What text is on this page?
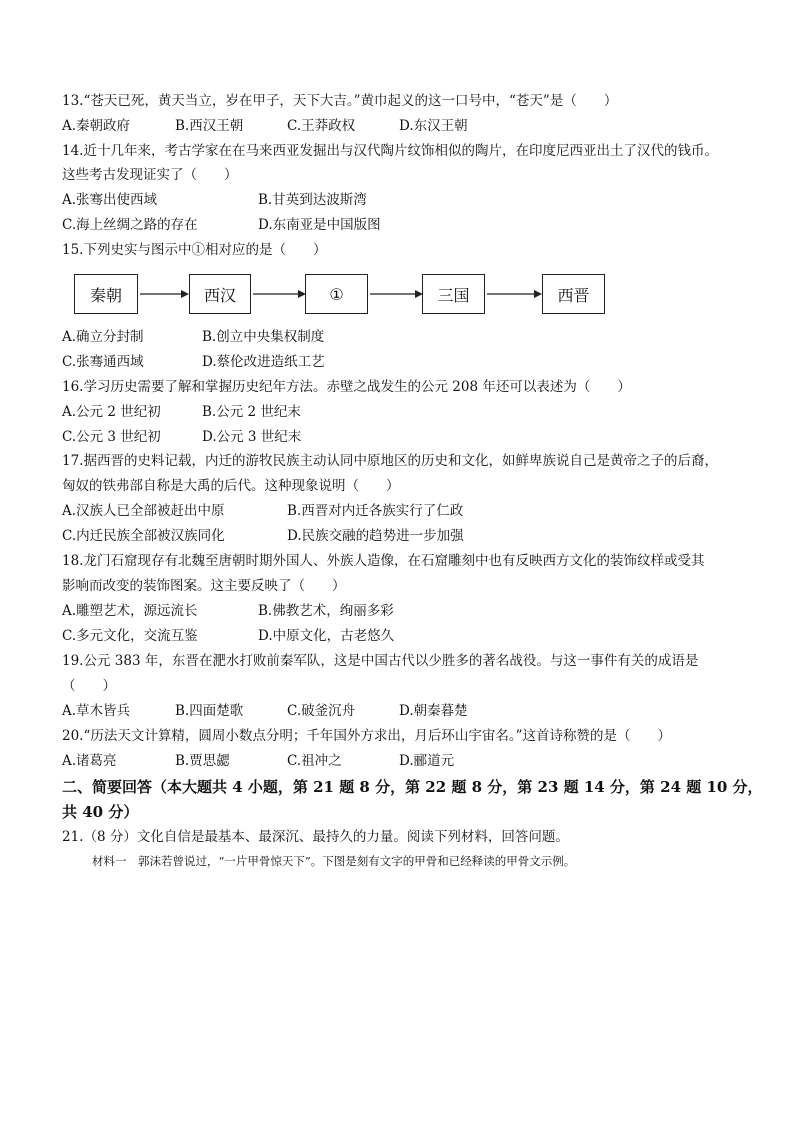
13.“苍天已死，黄天当立，岁在甲子，天下大吉。”黄巾起义的这一口号中，“苍天”是（　　）
A.秦朝政府	B.西汉王朝	C.王莽政权	D.东汉王朝
14.近十几年来，考古学家在在马来西亚发掘出与汉代陶片纹饰相似的陶片，在印度尼西亚出土了汉代的钱币。
这些考古发现证实了（　　）
A.张骞出使西域	B.甘英到达波斯湾
C.海上丝绸之路的存在	D.东南亚是中国版图
15.下列史实与图示中①相对应的是（　　）
秦朝	西汉	①	三国	西晋
A.确立分封制	B.创立中央集权制度
C.张骞通西域	D.蔡伦改进造纸工艺
16.学习历史需要了解和掌握历史纪年方法。赤壁之战发生的公元 208 年还可以表述为（　　）
A.公元 2 世纪初	B.公元 2 世纪末
C.公元 3 世纪初	D.公元 3 世纪末
17.据西晋的史料记载，内迁的游牧民族主动认同中原地区的历史和文化，如鲜卑族说自己是黄帝之子的后裔，
匈奴的铁弗部自称是大禹的后代。这种现象说明（　　）
A.汉族人已全部被赶出中原	B.西晋对内迁各族实行了仁政
C.内迁民族全部被汉族同化	D.民族交融的趋势进一步加强
18.龙门石窟现存有北魏至唐朝时期外国人、外族人造像，在石窟雕刻中也有反映西方文化的装饰纹样或受其
影响而改变的装饰图案。这主要反映了（　　）
A.雕塑艺术，源远流长	B.佛教艺术，绚丽多彩
C.多元文化，交流互鉴	D.中原文化，古老悠久
19.公元 383 年，东晋在淝水打败前秦军队，这是中国古代以少胜多的著名战役。与这一事件有关的成语是
（　　）
A.草木皆兵	B.四面楚歌	C.破釜沉舟	D.朝秦暮楚
20.“历法天文计算精，圆周小数点分明；千年国外方求出，月后环山宇宙名。”这首诗称赞的是（　　）
A.诸葛亮	B.贾思勰	C.祖冲之	D.郦道元
二、简要回答（本大题共 4 小题，第 21 题 8 分，第 22 题 8 分，第 23 题 14 分，第 24 题 10 分，
共 40 分）
21.（8 分）文化自信是最基本、最深沉、最持久的力量。阅读下列材料，回答问题。
材料一　郭沫若曾说过，“一片甲骨惊天下”。下图是刻有文字的甲骨和已经释读的甲骨文示例。
